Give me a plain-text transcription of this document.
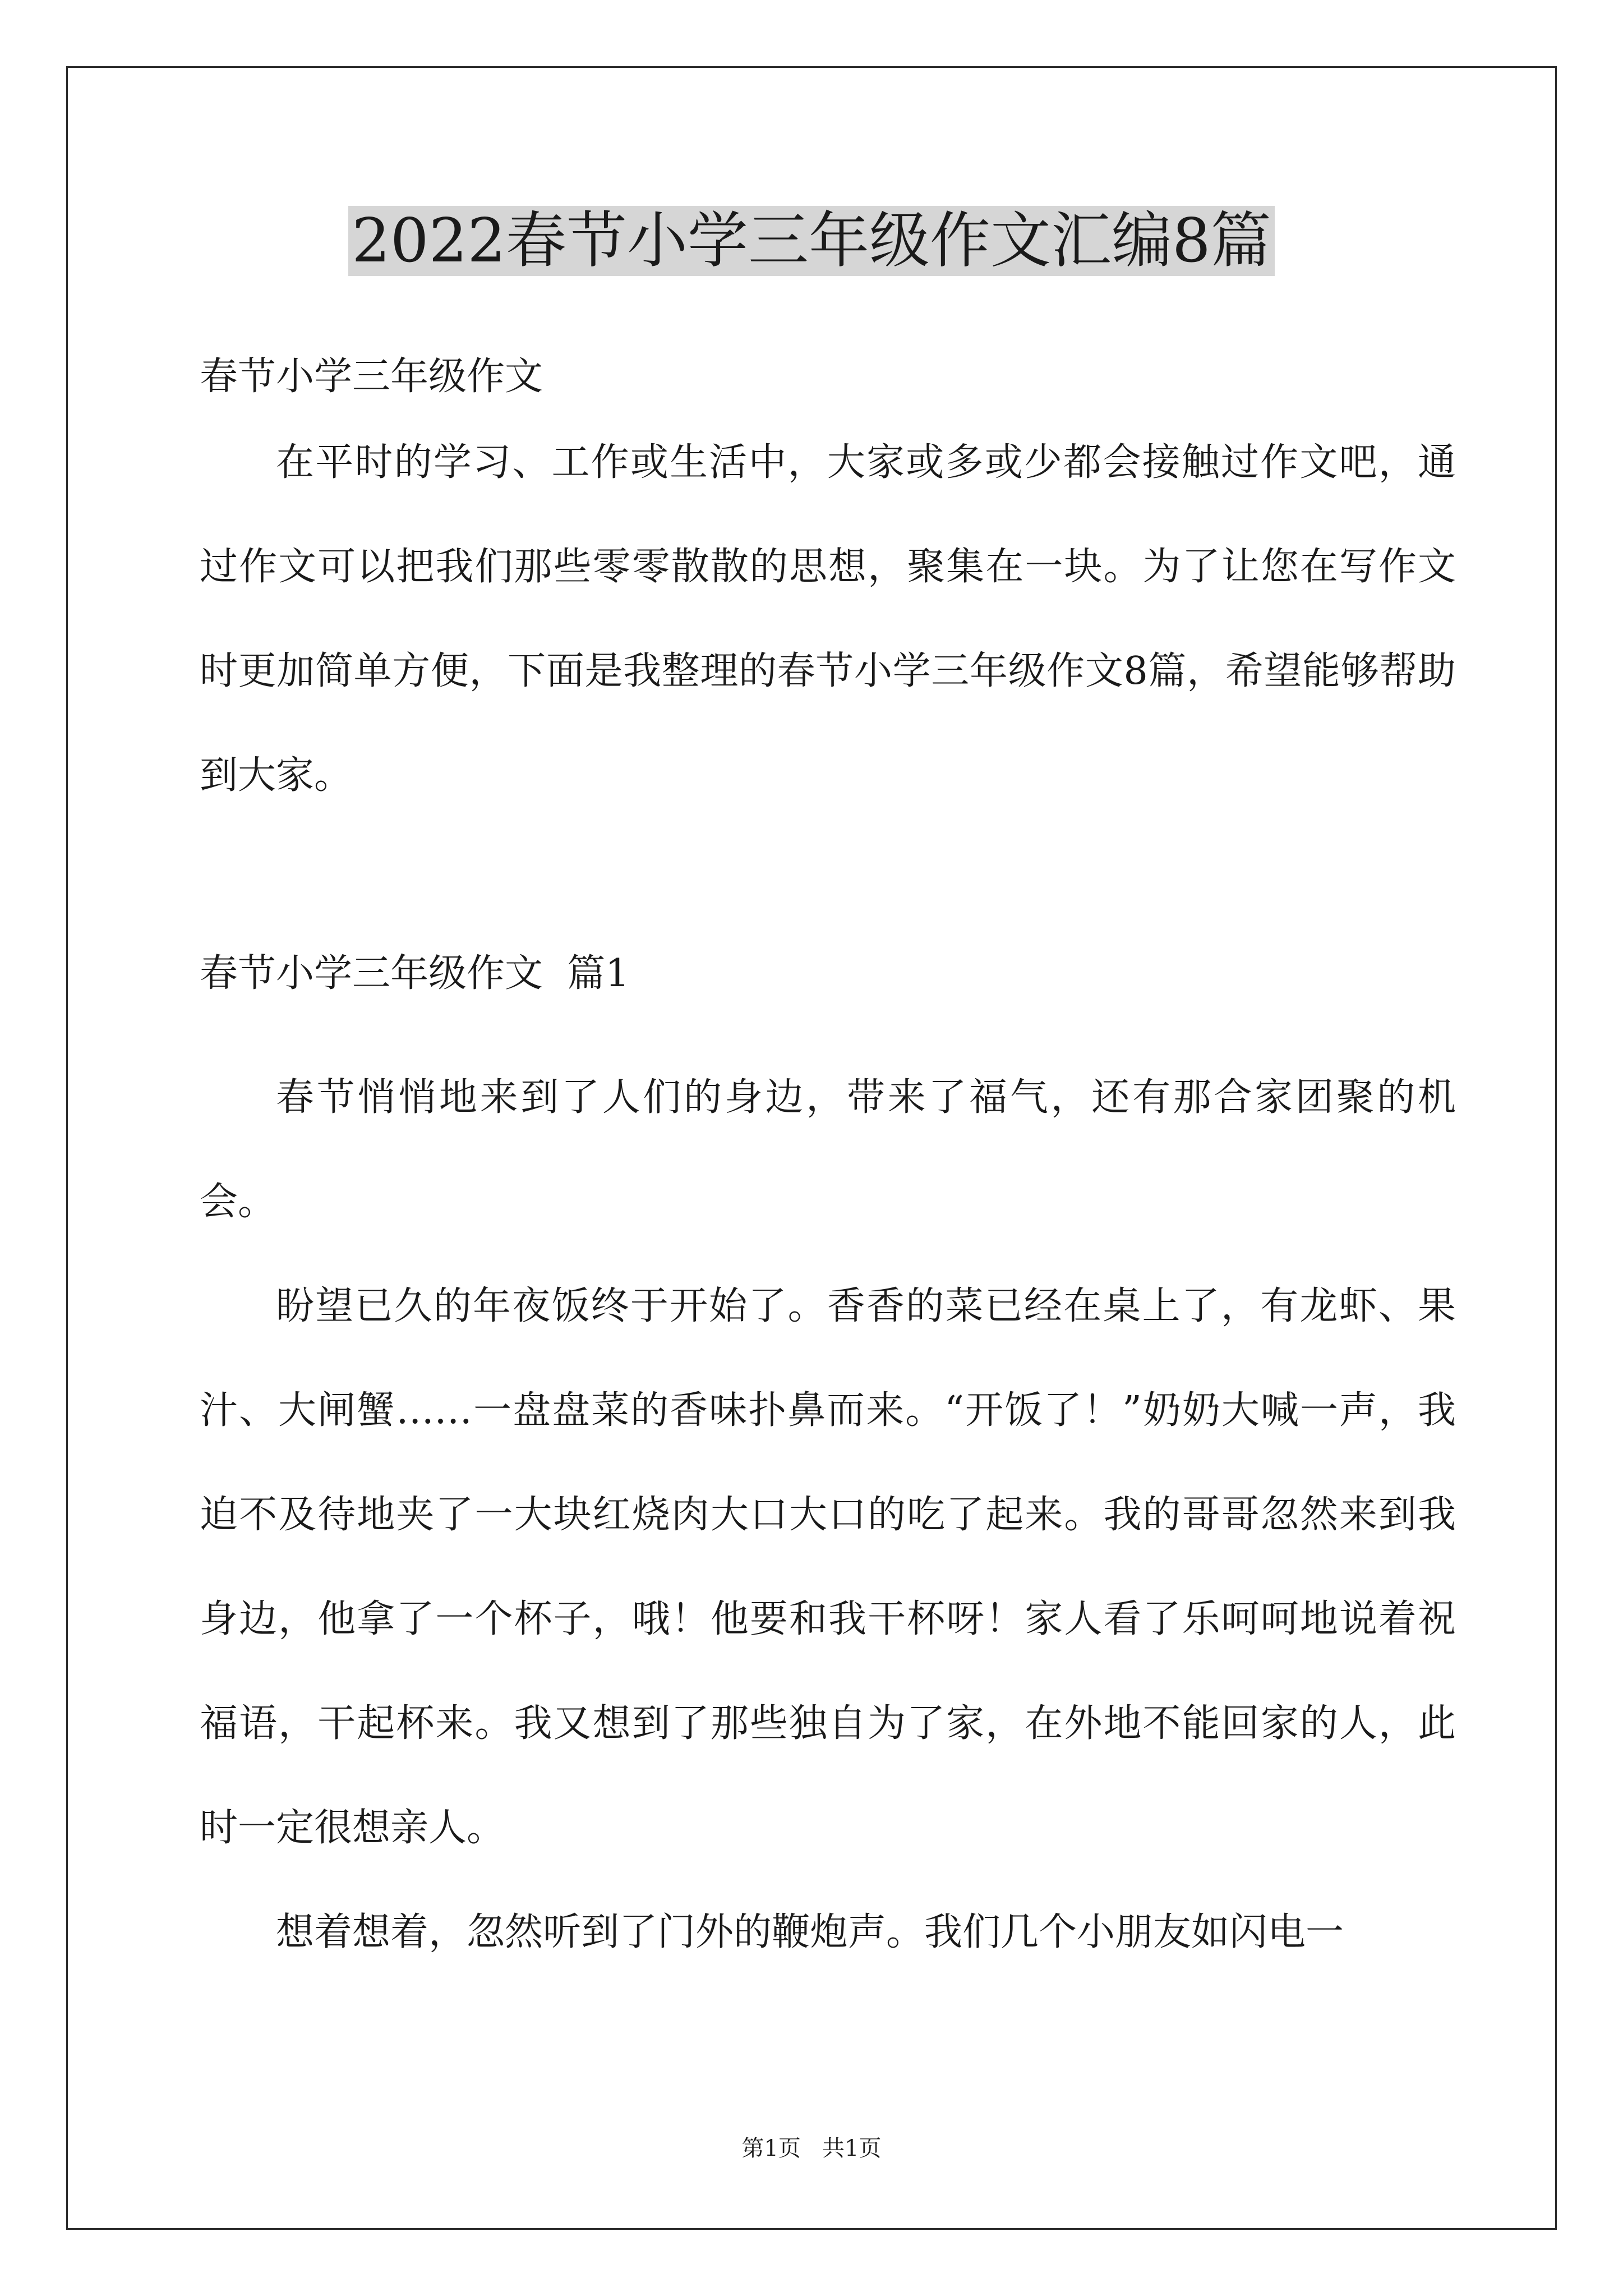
2022春节小学三年级作文汇编8篇

春节小学三年级作文

在平时的学习、工作或生活中，大家或多或少都会接触过作文吧，通过作文可以把我们那些零零散散的思想，聚集在一块。为了让您在写作文时更加简单方便，下面是我整理的春节小学三年级作文8篇，希望能够帮助到大家。

春节小学三年级作文  篇1

春节悄悄地来到了人们的身边，带来了福气，还有那合家团聚的机会。

盼望已久的年夜饭终于开始了。香香的菜已经在桌上了，有龙虾、果汁、大闸蟹……一盘盘菜的香味扑鼻而来。“开饭了！”奶奶大喊一声，我迫不及待地夹了一大块红烧肉大口大口的吃了起来。我的哥哥忽然来到我身边，他拿了一个杯子，哦！他要和我干杯呀！家人看了乐呵呵地说着祝福语，干起杯来。我又想到了那些独自为了家，在外地不能回家的人，此时一定很想亲人。

想着想着，忽然听到了门外的鞭炮声。我们几个小朋友如闪电一

第1页   共1页
